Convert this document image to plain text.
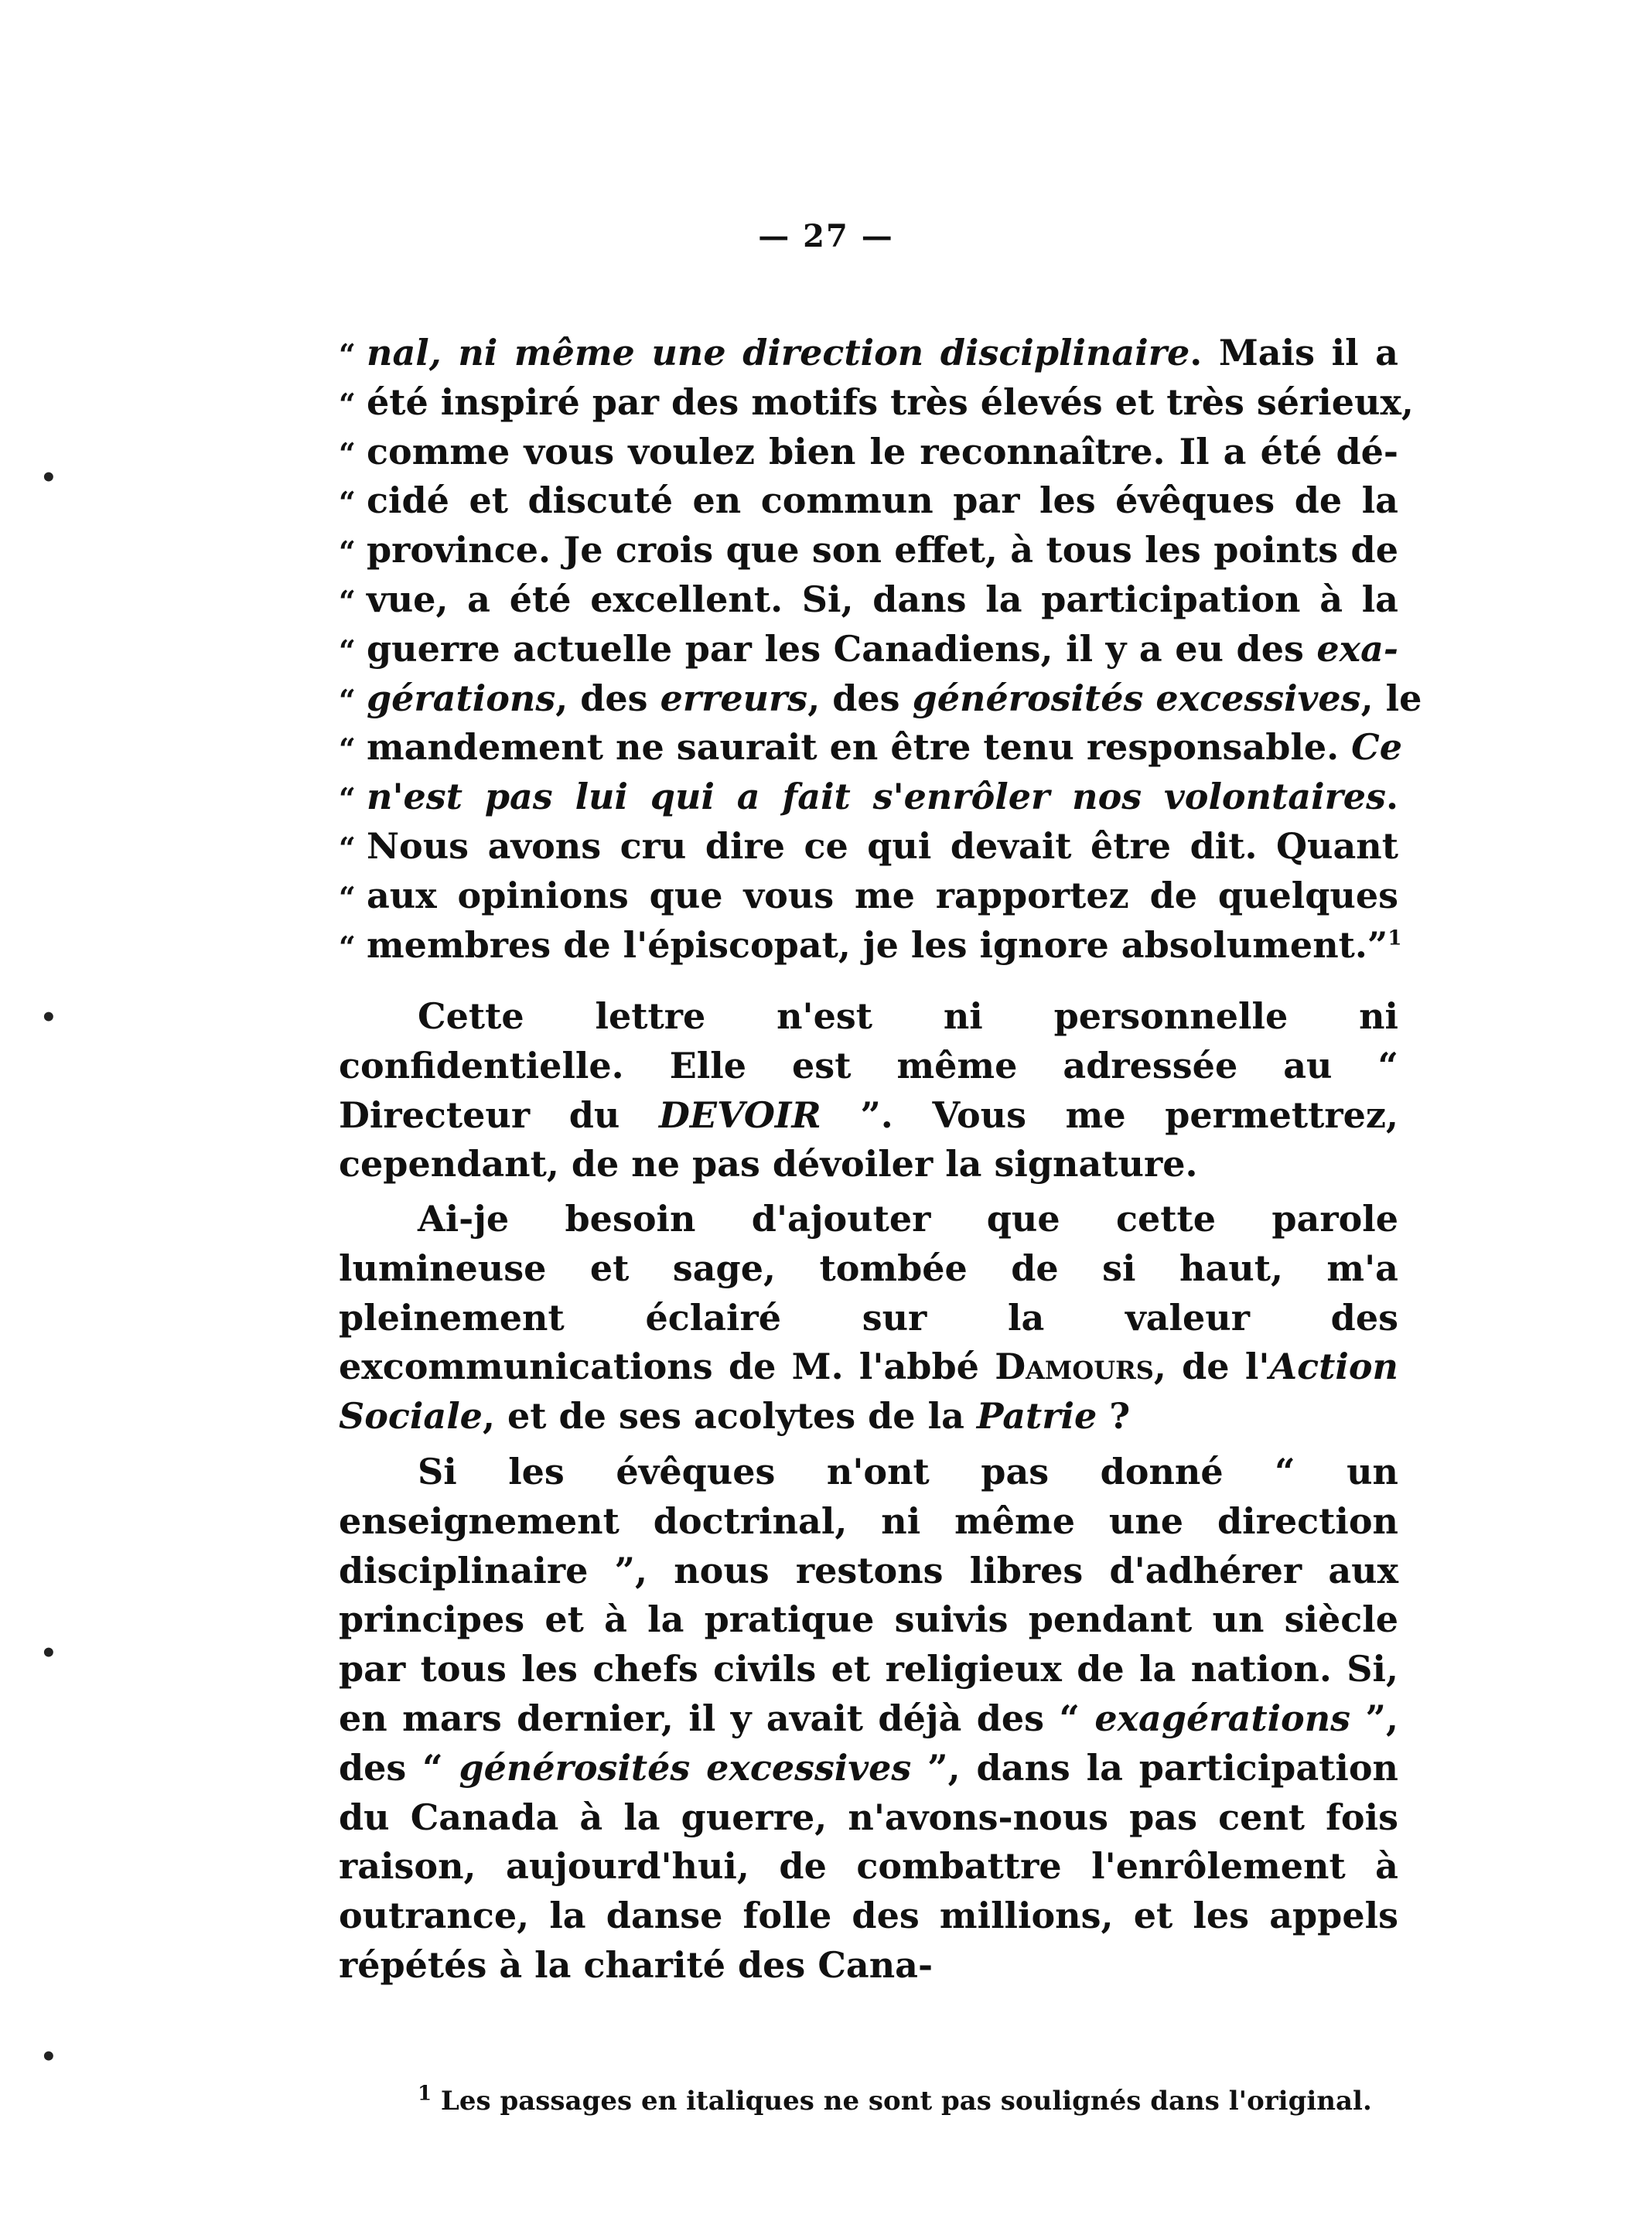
— 27 —
“ nal, ni même une direction disciplinaire. Mais il a
“ été inspiré par des motifs très élevés et très sérieux,
“ comme vous voulez bien le reconnaître. Il a été dé-
“ cidé et discuté en commun par les évêques de la
“ province. Je crois que son effet, à tous les points de
“ vue, a été excellent. Si, dans la participation à la
“ guerre actuelle par les Canadiens, il y a eu des exa-
“ gérations, des erreurs, des générosités excessives, le
“ mandement ne saurait en être tenu responsable. Ce
“ n'est pas lui qui a fait s'enrôler nos volontaires.
“ Nous avons cru dire ce qui devait être dit. Quant
“ aux opinions que vous me rapportez de quelques
“ membres de l'épiscopat, je les ignore absolument.”$^1$

Cette lettre n'est ni personnelle ni confidentielle. Elle est même adressée au “ Directeur du DEVOIR ”. Vous me permettrez, cependant, de ne pas dévoiler la signature.

Ai-je besoin d'ajouter que cette parole lumineuse et sage, tombée de si haut, m'a pleinement éclairé sur la valeur des excommunications de M. l'abbé Damours, de l'Action Sociale, et de ses acolytes de la Patrie ?

Si les évêques n'ont pas donné “ un enseignement doctrinal, ni même une direction disciplinaire ”, nous restons libres d'adhérer aux principes et à la pratique suivis pendant un siècle par tous les chefs civils et religieux de la nation. Si, en mars dernier, il y avait déjà des “ exagérations ”, des “ générosités excessives ”, dans la participation du Canada à la guerre, n'avons-nous pas cent fois raison, aujourd'hui, de combattre l'enrôlement à outrance, la danse folle des millions, et les appels répétés à la charité des Cana-

$^1$ Les passages en italiques ne sont pas soulignés dans l'original.
•
•
•
•
